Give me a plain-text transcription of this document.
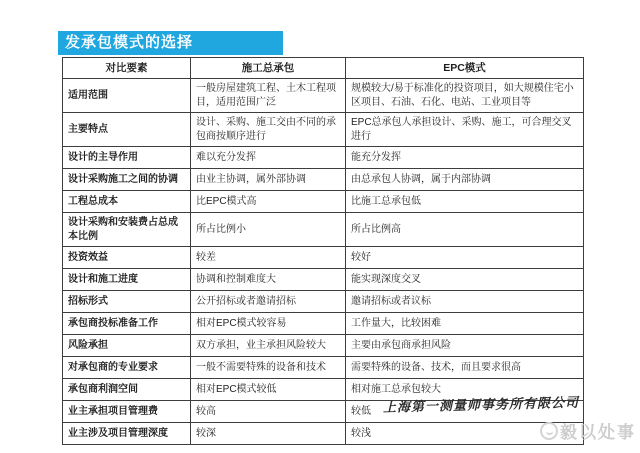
发承包模式的选择
对比要素	施工总承包	EPC模式
适用范围	一般房屋建筑工程、土木工程项目，适用范围广泛	规模较大/易于标准化的投资项目，如大规模住宅小区项目、石油、石化、电站、工业项目等
主要特点	设计、采购、施工交由不同的承包商按顺序进行	EPC总承包人承担设计、采购、施工，可合理交叉进行
设计的主导作用	难以充分发挥	能充分发挥
设计采购施工之间的协调	由业主协调，属外部协调	由总承包人协调，属于内部协调
工程总成本	比EPC模式高	比施工总承包低
设计采购和安装费占总成本比例	所占比例小	所占比例高
投资效益	较差	较好
设计和施工进度	协调和控制难度大	能实现深度交叉
招标形式	公开招标或者邀请招标	邀请招标或者议标
承包商投标准备工作	相对EPC模式较容易	工作量大，比较困难
风险承担	双方承担，业主承担风险较大	主要由承包商承担风险
对承包商的专业要求	一般不需要特殊的设备和技术	需要特殊的设备、技术，而且要求很高
承包商利润空间	相对EPC模式较低	相对施工总承包较大
业主承担项目管理费	较高	较低
业主涉及项目管理深度	较深	较浅
上海第一测量师事务所有限公司
毅以处事
